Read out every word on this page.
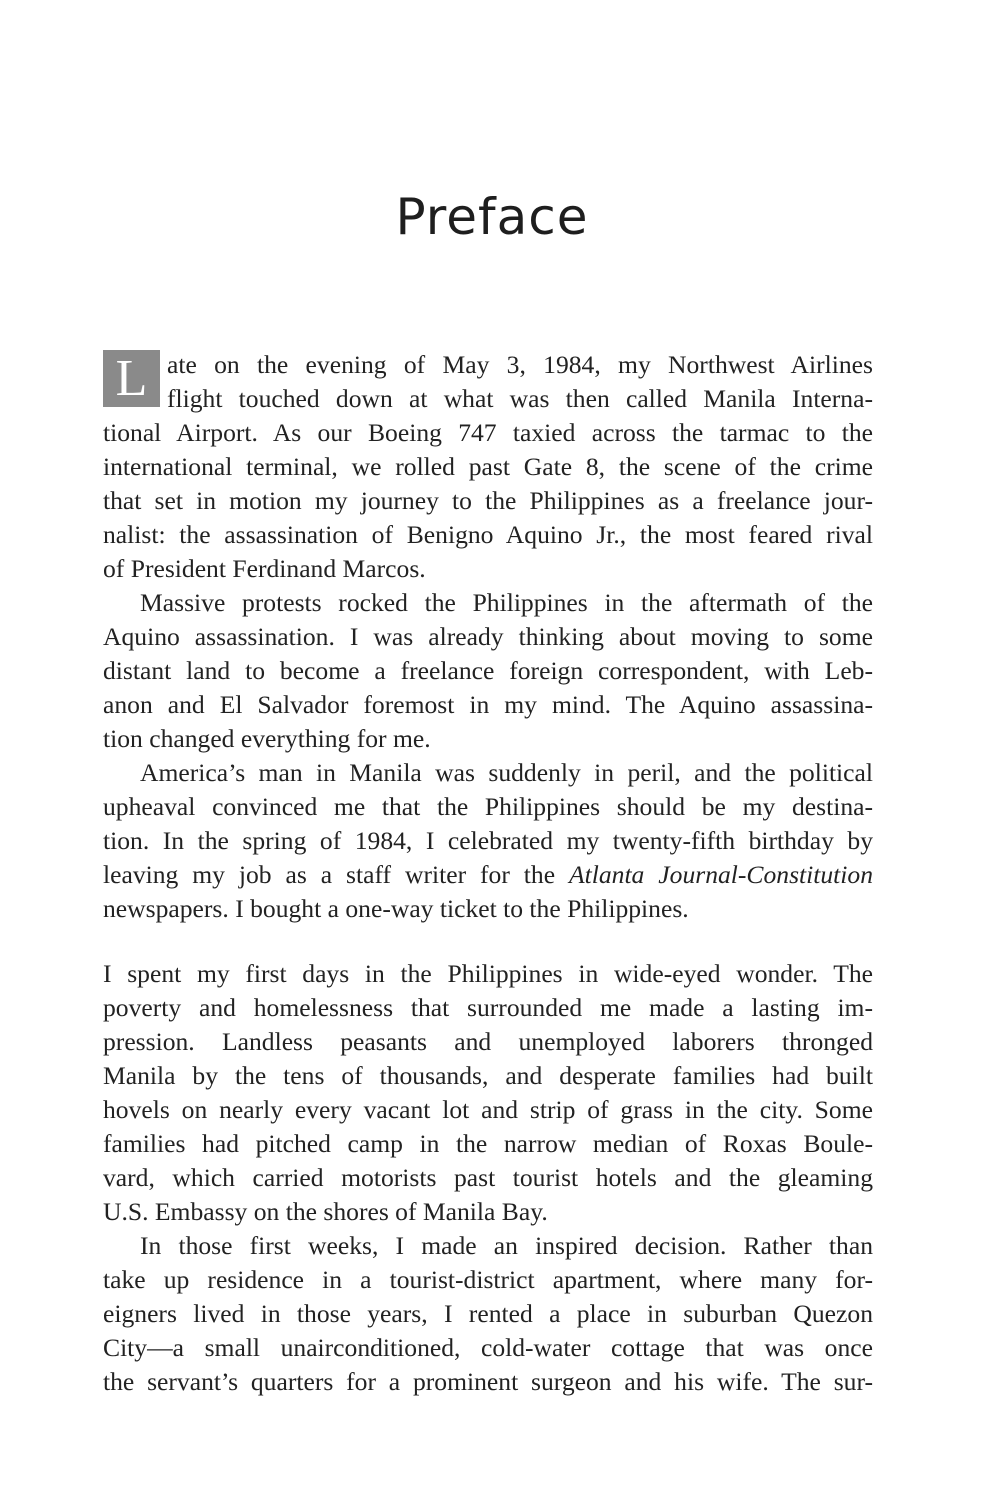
Preface
L ate on the evening of May 3, 1984, my Northwest Airlines
flight touched down at what was then called Manila Interna-
tional Airport. As our Boeing 747 taxied across the tarmac to the
international terminal, we rolled past Gate 8, the scene of the crime
that set in motion my journey to the Philippines as a freelance jour-
nalist: the assassination of Benigno Aquino Jr., the most feared rival
of President Ferdinand Marcos.
Massive protests rocked the Philippines in the aftermath of the
Aquino assassination. I was already thinking about moving to some
distant land to become a freelance foreign correspondent, with Leb-
anon and El Salvador foremost in my mind. The Aquino assassina-
tion changed everything for me.
America’s man in Manila was suddenly in peril, and the political
upheaval convinced me that the Philippines should be my destina-
tion. In the spring of 1984, I celebrated my twenty-fifth birthday by
leaving my job as a staff writer for the Atlanta Journal-Constitution
newspapers. I bought a one-way ticket to the Philippines.
I spent my first days in the Philippines in wide-eyed wonder. The
poverty and homelessness that surrounded me made a lasting im-
pression. Landless peasants and unemployed laborers thronged
Manila by the tens of thousands, and desperate families had built
hovels on nearly every vacant lot and strip of grass in the city. Some
families had pitched camp in the narrow median of Roxas Boule-
vard, which carried motorists past tourist hotels and the gleaming
U.S. Embassy on the shores of Manila Bay.
In those first weeks, I made an inspired decision. Rather than
take up residence in a tourist-district apartment, where many for-
eigners lived in those years, I rented a place in suburban Quezon
City—a small unairconditioned, cold-water cottage that was once
the servant’s quarters for a prominent surgeon and his wife. The sur-
